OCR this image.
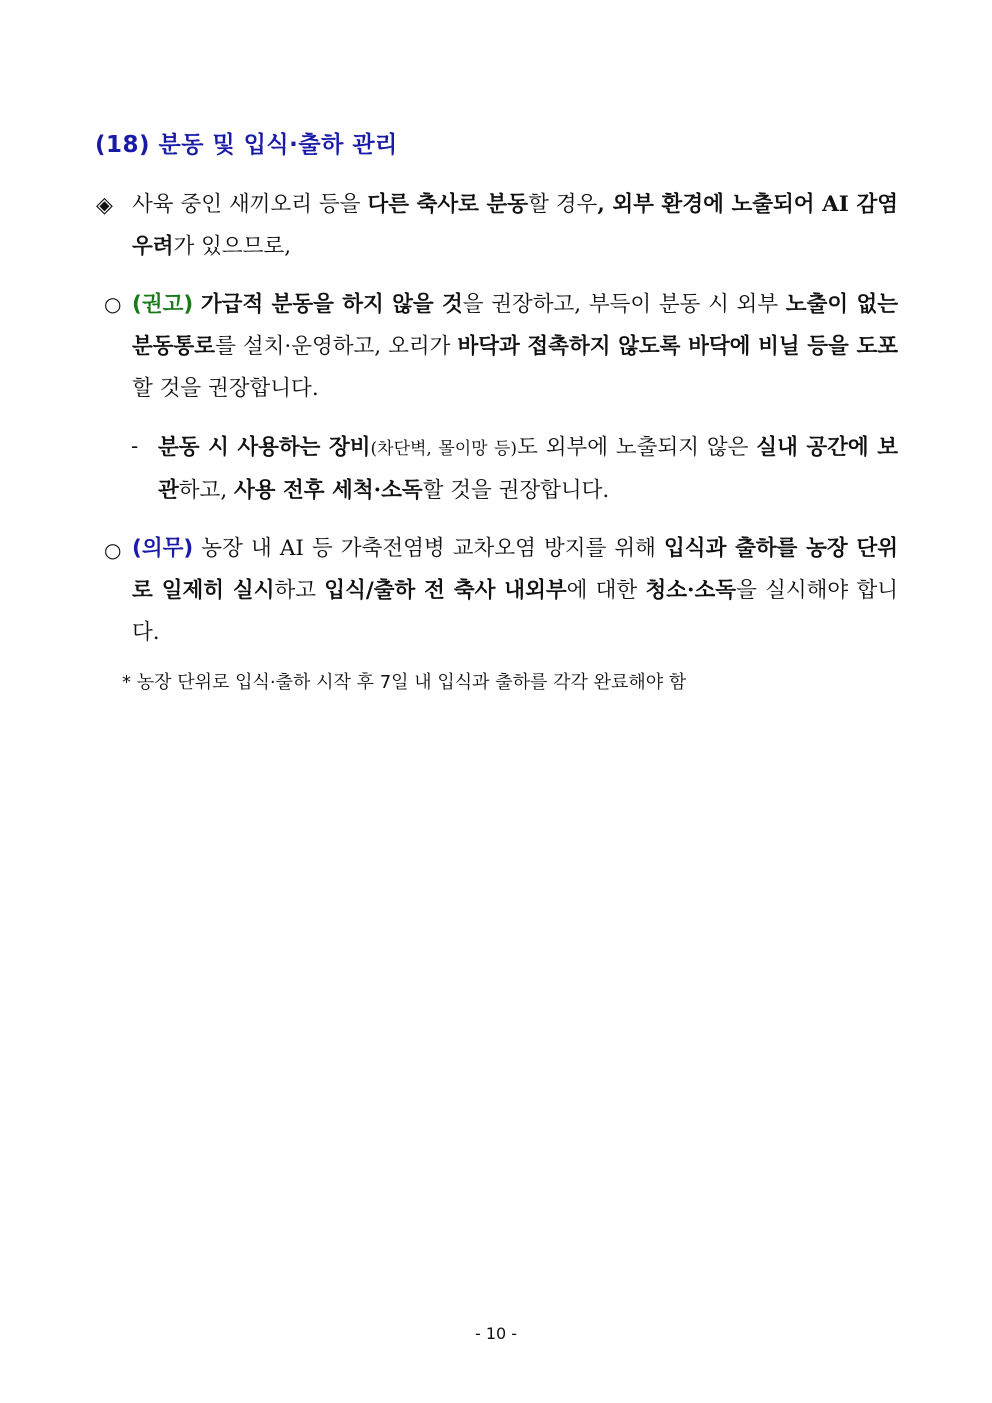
(18) 분동 및 입식·출하 관리
◈ 사육 중인 새끼오리 등을 다른 축사로 분동할 경우, 외부 환경에 노출되어 AI 감염 우려가 있으므로,
○ (권고) 가급적 분동을 하지 않을 것을 권장하고, 부득이 분동 시 외부 노출이 없는 분동통로를 설치·운영하고, 오리가 바닥과 접촉하지 않도록 바닥에 비닐 등을 도포할 것을 권장합니다.
- 분동 시 사용하는 장비(차단벽, 몰이망 등)도 외부에 노출되지 않은 실내 공간에 보관하고, 사용 전후 세척·소독할 것을 권장합니다.
○ (의무) 농장 내 AI 등 가축전염병 교차오염 방지를 위해 입식과 출하를 농장 단위로 일제히 실시하고 입식/출하 전 축사 내외부에 대한 청소·소독을 실시해야 합니다.
* 농장 단위로 입식·출하 시작 후 7일 내 입식과 출하를 각각 완료해야 함
- 10 -
